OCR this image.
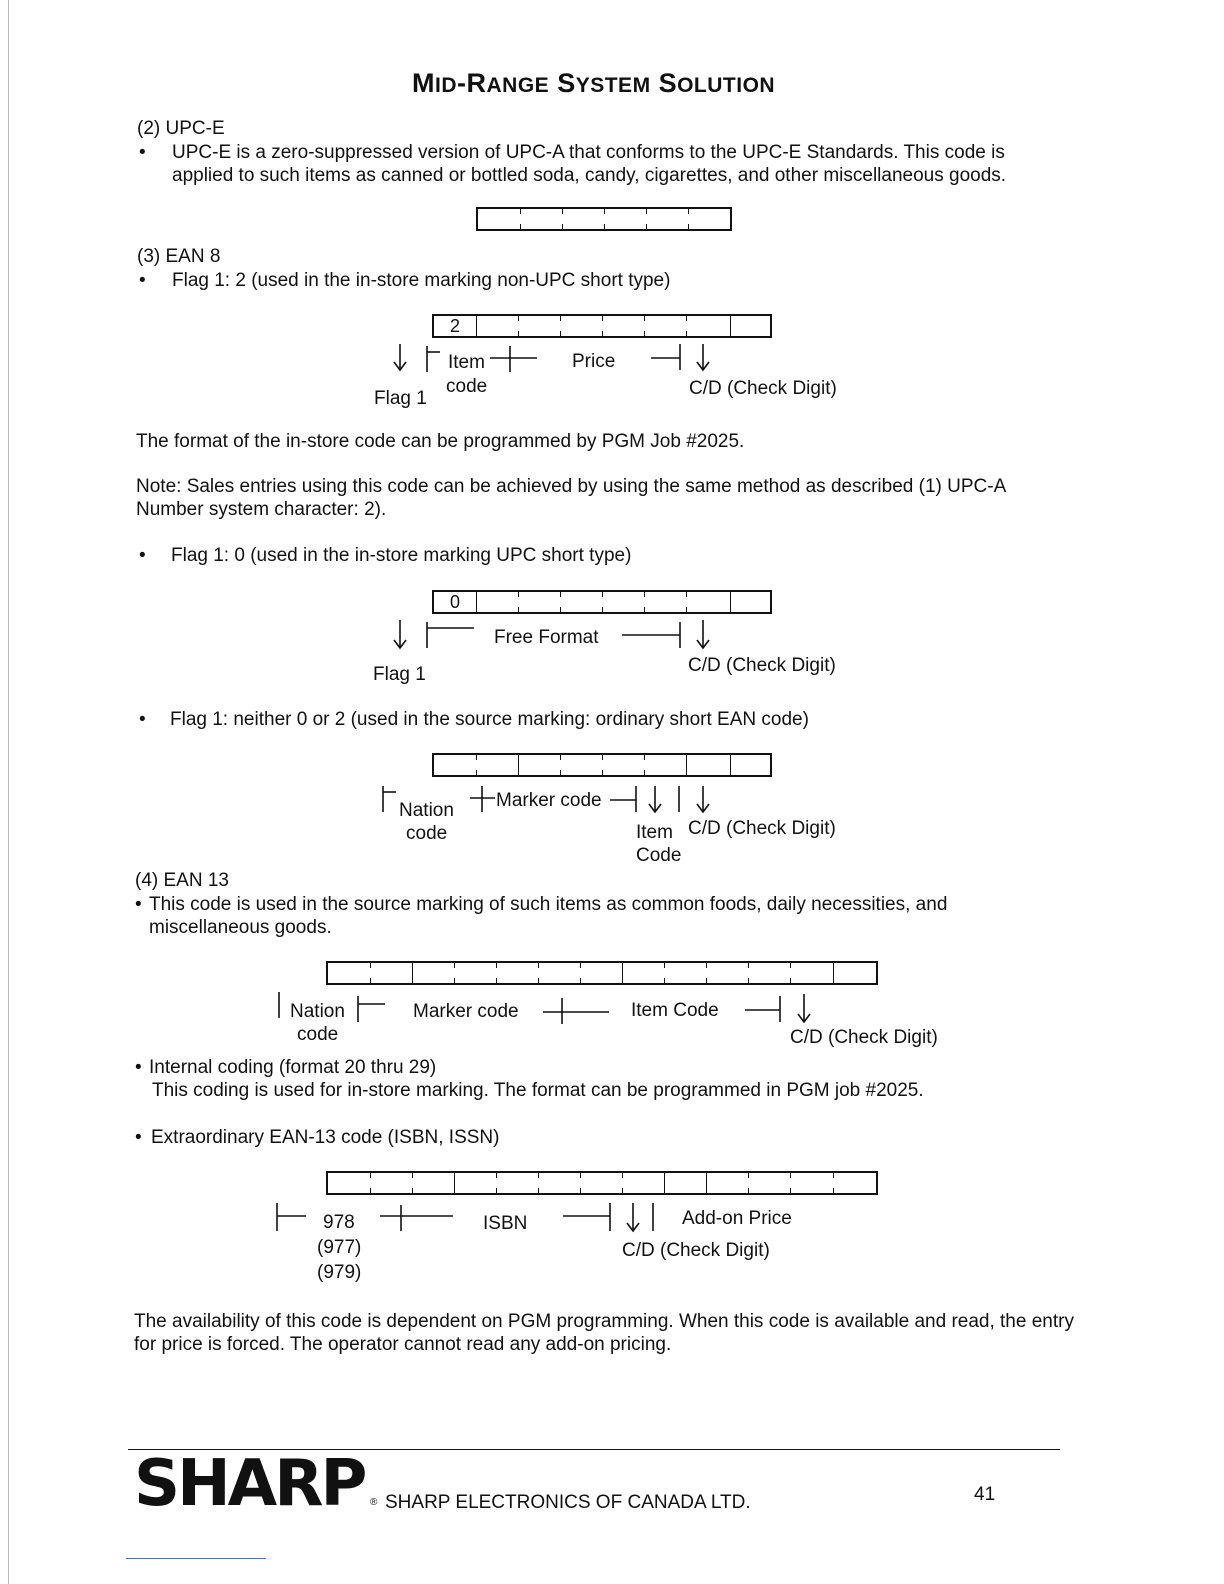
MID-RANGE SYSTEM SOLUTION
(2) UPC-E
• UPC-E is a zero-suppressed version of UPC-A that conforms to the UPC-E Standards. This code is applied to such items as canned or bottled soda, candy, cigarettes, and other miscellaneous goods.
(3) EAN 8
• Flag 1: 2 (used in the in-store marking non-UPC short type)
2
Item
code
Price
Flag 1	C/D (Check Digit)
The format of the in-store code can be programmed by PGM Job #2025.
Note: Sales entries using this code can be achieved by using the same method as described (1) UPC-A Number system character: 2).
• Flag 1: 0 (used in the in-store marking UPC short type)
0
Free Format
Flag 1	C/D (Check Digit)
• Flag 1: neither 0 or 2 (used in the source marking: ordinary short EAN code)
Nation
code
Marker code
Item
Code
C/D (Check Digit)
(4) EAN 13
• This code is used in the source marking of such items as common foods, daily necessities, and miscellaneous goods.
Nation
code
Marker code	Item Code
C/D (Check Digit)
• Internal coding (format 20 thru 29)
This coding is used for in-store marking. The format can be programmed in PGM job #2025.
• Extraordinary EAN-13 code (ISBN, ISSN)
978
(977)
(979)
ISBN	Add-on Price
C/D (Check Digit)
The availability of this code is dependent on PGM programming. When this code is available and read, the entry for price is forced. The operator cannot read any add-on pricing.
SHARP ® SHARP ELECTRONICS OF CANADA LTD.	41
